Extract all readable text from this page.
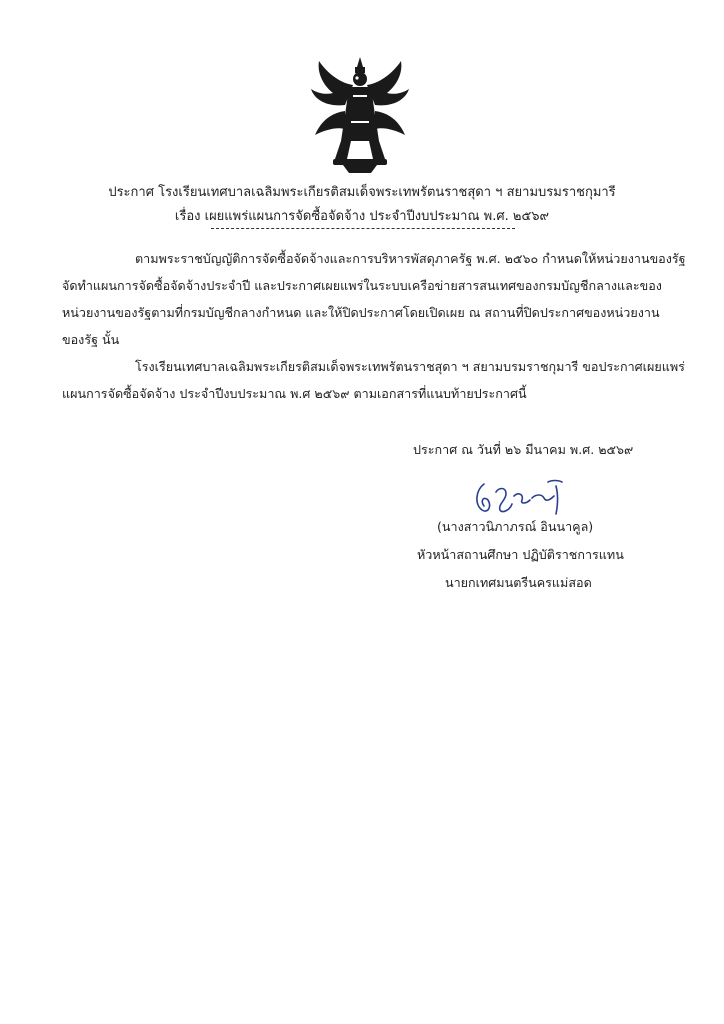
ประกาศ โรงเรียนเทศบาลเฉลิมพระเกียรติสมเด็จพระเทพรัตนราชสุดา ฯ สยามบรมราชกุมารี
เรื่อง เผยแพร่แผนการจัดซื้อจัดจ้าง ประจำปีงบประมาณ พ.ศ. ๒๕๖๙
ตามพระราชบัญญัติการจัดซื้อจัดจ้างและการบริหารพัสดุภาครัฐ พ.ศ. ๒๕๖๐ กำหนดให้หน่วยงานของรัฐ
จัดทำแผนการจัดซื้อจัดจ้างประจำปี และประกาศเผยแพร่ในระบบเครือข่ายสารสนเทศของกรมบัญชีกลางและของ
หน่วยงานของรัฐตามที่กรมบัญชีกลางกำหนด และให้ปิดประกาศโดยเปิดเผย ณ สถานที่ปิดประกาศของหน่วยงาน
ของรัฐ นั้น
โรงเรียนเทศบาลเฉลิมพระเกียรติสมเด็จพระเทพรัตนราชสุดา ฯ สยามบรมราชกุมารี ขอประกาศเผยแพร่
แผนการจัดซื้อจัดจ้าง ประจำปีงบประมาณ พ.ศ ๒๕๖๙ ตามเอกสารที่แนบท้ายประกาศนี้
ประกาศ ณ วันที่ ๒๖ มีนาคม พ.ศ. ๒๕๖๙
(นางสาวนิภาภรณ์ อินนาคูล)
หัวหน้าสถานศึกษา ปฏิบัติราชการแทน
นายกเทศมนตรีนครแม่สอด
